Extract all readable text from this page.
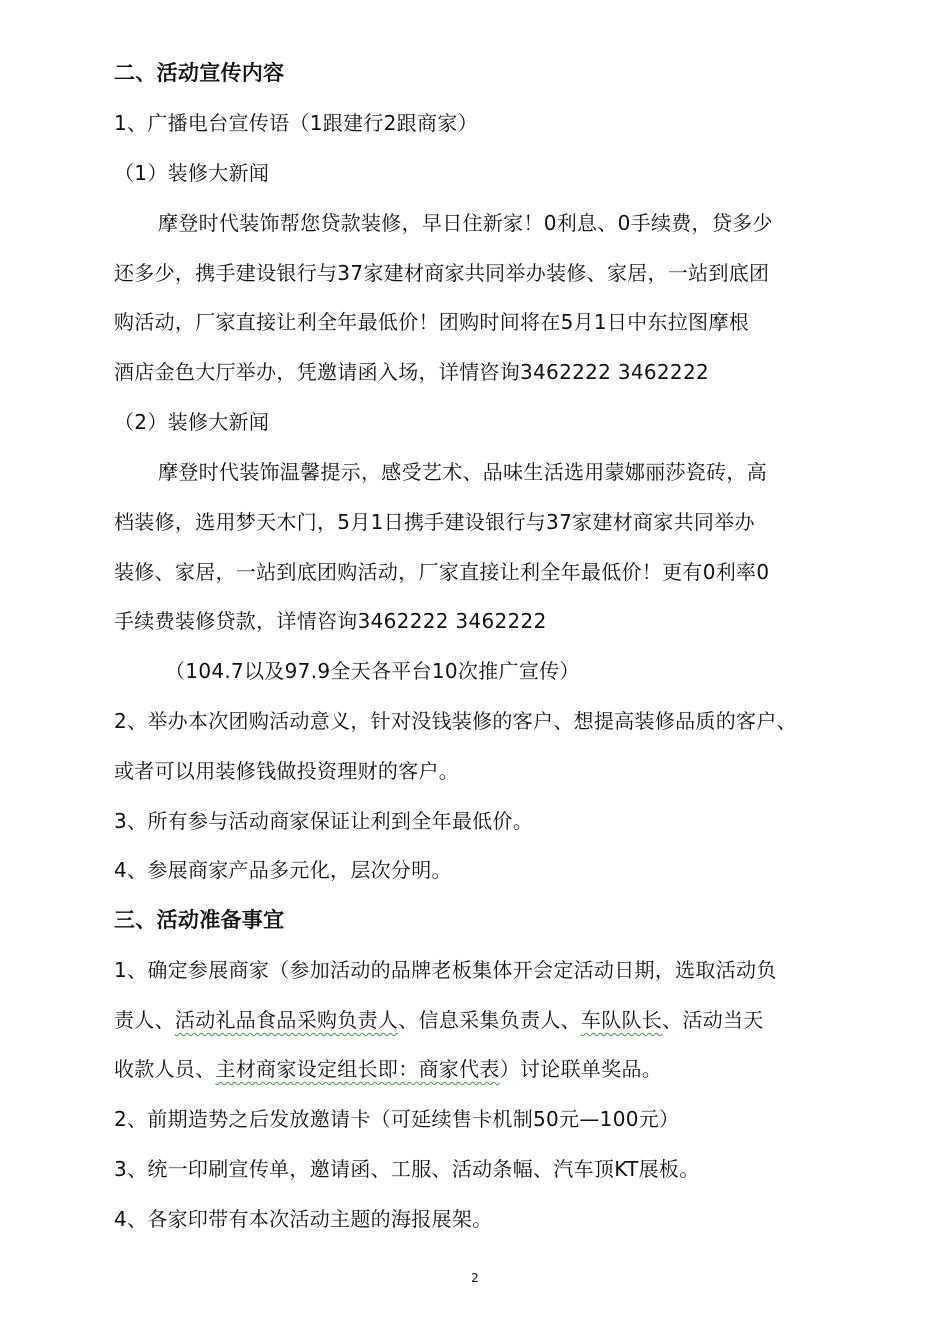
二、活动宣传内容
1、广播电台宣传语（1跟建行2跟商家）
（1）装修大新闻
摩登时代装饰帮您贷款装修，早日住新家！0利息、0手续费，贷多少
还多少，携手建设银行与37家建材商家共同举办装修、家居，一站到底团
购活动，厂家直接让利全年最低价！团购时间将在5月1日中东拉图摩根
酒店金色大厅举办，凭邀请函入场，详情咨询3462222 3462222
（2）装修大新闻
摩登时代装饰温馨提示，感受艺术、品味生活选用蒙娜丽莎瓷砖，高
档装修，选用梦天木门，5月1日携手建设银行与37家建材商家共同举办
装修、家居，一站到底团购活动，厂家直接让利全年最低价！更有0利率0
手续费装修贷款，详情咨询3462222 3462222
（104.7以及97.9全天各平台10次推广宣传）
2、举办本次团购活动意义，针对没钱装修的客户、想提高装修品质的客户、
或者可以用装修钱做投资理财的客户。
3、所有参与活动商家保证让利到全年最低价。
4、参展商家产品多元化，层次分明。
三、活动准备事宜
1、确定参展商家（参加活动的品牌老板集体开会定活动日期，选取活动负
责人、活动礼品食品采购负责人、信息采集负责人、车队队长、活动当天
收款人员、主材商家设定组长即：商家代表）讨论联单奖品。
2、前期造势之后发放邀请卡（可延续售卡机制50元—100元）
3、统一印刷宣传单，邀请函、工服、活动条幅、汽车顶KT展板。
4、各家印带有本次活动主题的海报展架。
2
